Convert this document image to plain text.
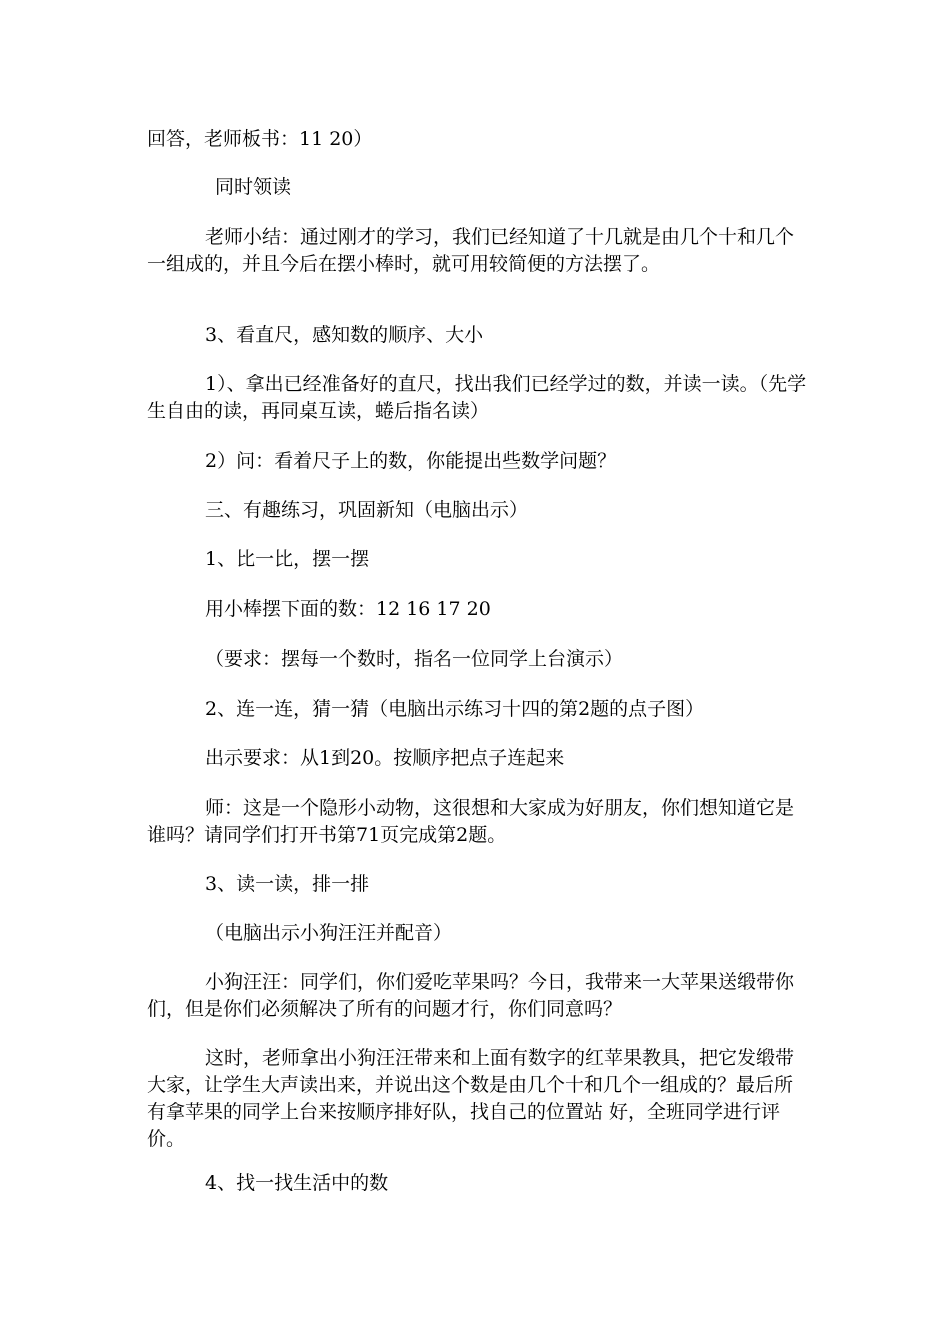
回答，老师板书：11 20）

同时领读

老师小结：通过刚才的学习，我们已经知道了十几就是由几个十和几个一组成的，并且今后在摆小棒时，就可用较简便的方法摆了。

3、看直尺，感知数的顺序、大小

1）、拿出已经准备好的直尺，找出我们已经学过的数，并读一读。（先学生自由的读，再同桌互读，蜷后指名读）

2）问：看着尺子上的数，你能提出些数学问题？

三、有趣练习，巩固新知（电脑出示）

1、比一比，摆一摆

用小棒摆下面的数：12 16 17 20

（要求：摆每一个数时，指名一位同学上台演示）

2、连一连，猜一猜（电脑出示练习十四的第2题的点子图）

出示要求：从1到20。按顺序把点子连起来

师：这是一个隐形小动物，这很想和大家成为好朋友，你们想知道它是谁吗？请同学们打开书第71页完成第2题。

3、读一读，排一排

（电脑出示小狗汪汪并配音）

小狗汪汪：同学们，你们爱吃苹果吗？今日，我带来一大苹果送缎带你们，但是你们必须解决了所有的问题才行，你们同意吗？

这时，老师拿出小狗汪汪带来和上面有数字的红苹果教具，把它发缎带大家，让学生大声读出来，并说出这个数是由几个十和几个一组成的？最后所有拿苹果的同学上台来按顺序排好队，找自己的位置站 好，全班同学进行评价。

4、找一找生活中的数
